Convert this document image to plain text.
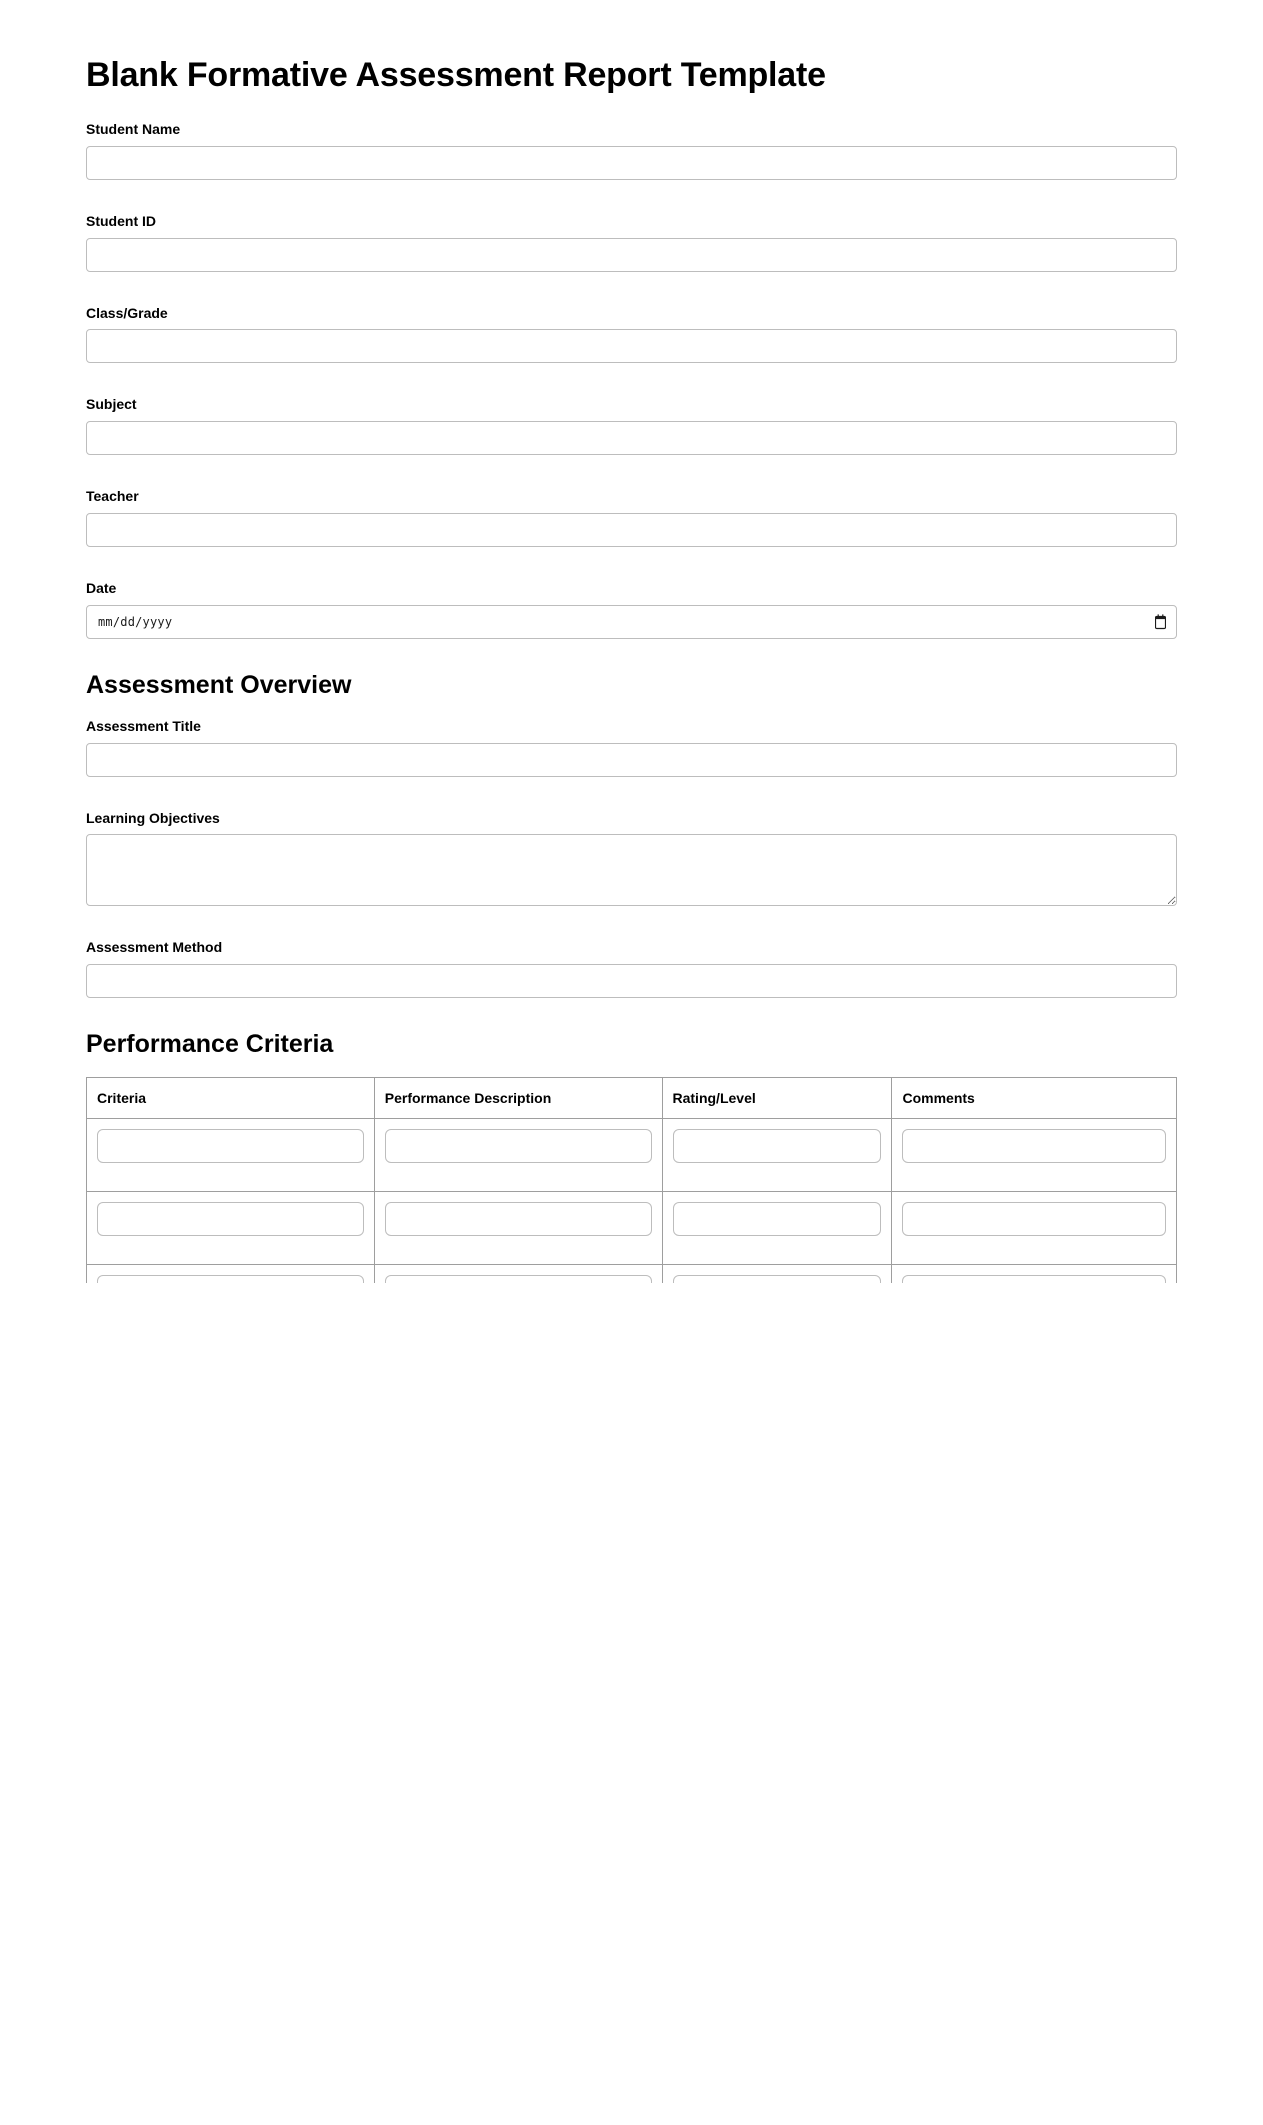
Blank Formative Assessment Report Template
Student Name
Student ID
Class/Grade
Subject
Teacher
Date
mm/dd/yyyy
Assessment Overview
Assessment Title
Learning Objectives
Assessment Method
Performance Criteria
Criteria	Performance Description	Rating/Level	Comments
